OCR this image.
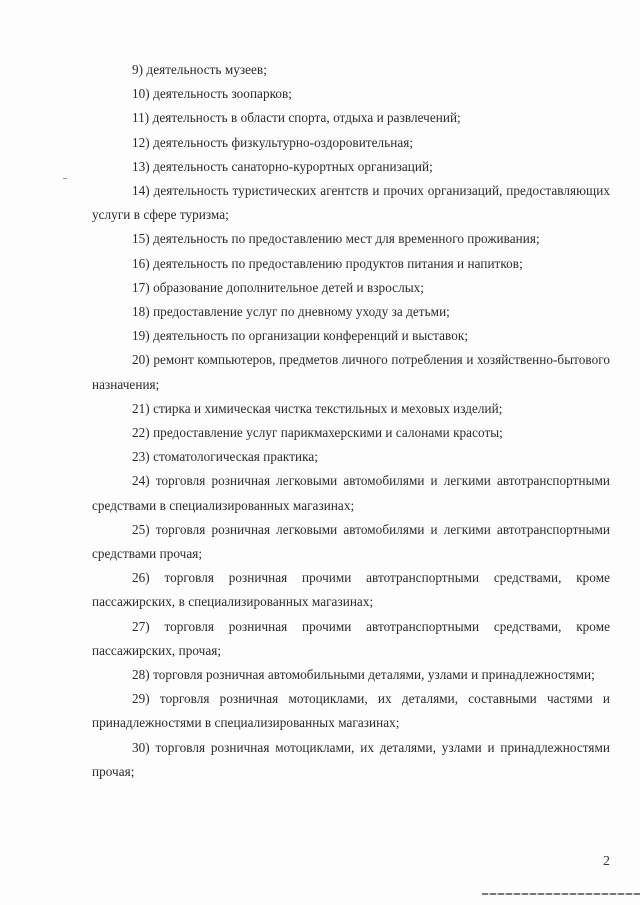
9) деятельность музеев;

10) деятельность зоопарков;

11) деятельность в области спорта, отдыха и развлечений;

12) деятельность физкультурно-оздоровительная;

13) деятельность санаторно-курортных организаций;

14) деятельность туристических агентств и прочих организаций, предоставляющих услуги в сфере туризма;

15) деятельность по предоставлению мест для временного проживания;

16) деятельность по предоставлению продуктов питания и напитков;

17) образование дополнительное детей и взрослых;

18) предоставление услуг по дневному уходу за детьми;

19) деятельность по организации конференций и выставок;

20) ремонт компьютеров, предметов личного потребления и хозяйственно-бытового назначения;

21) стирка и химическая чистка текстильных и меховых изделий;

22) предоставление услуг парикмахерскими и салонами красоты;

23) стоматологическая практика;

24) торговля розничная легковыми автомобилями и легкими автотранспортными средствами в специализированных магазинах;

25) торговля розничная легковыми автомобилями и легкими автотранспортными средствами прочая;

26) торговля розничная прочими автотранспортными средствами, кроме пассажирских, в специализированных магазинах;

27) торговля розничная прочими автотранспортными средствами, кроме пассажирских, прочая;

28) торговля розничная автомобильными деталями, узлами и принадлежностями;

29) торговля розничная мотоциклами, их деталями, составными частями и принадлежностями в специализированных магазинах;

30) торговля розничная мотоциклами, их деталями, узлами и принадлежностями прочая;

2
